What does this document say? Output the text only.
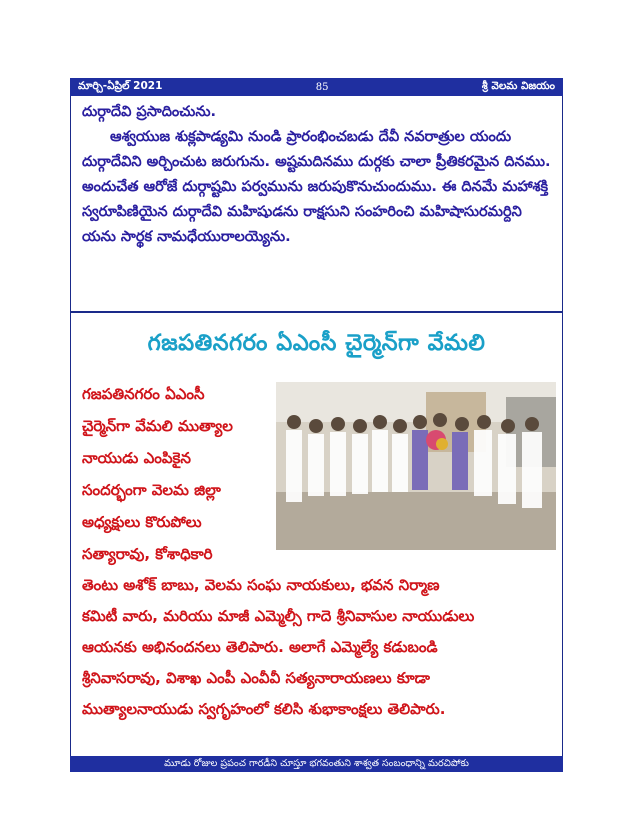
మార్చి-ఏప్రిల్ 2021	85	శ్రీ వెలమ విజయం

దుర్గాదేవి ప్రసాదించును.

ఆశ్వయుజ శుక్లపాడ్యమి నుండి ప్రారంభించబడు దేవీ నవరాత్రుల యందు దుర్గాదేవిని అర్చించుట జరుగును. అష్టమదినము దుర్గకు చాలా ప్రీతికరమైన దినము. అందుచేత ఆరోజే దుర్గాష్టమి పర్వమును జరుపుకొనుచుందుము. ఈ దినమే మహాశక్తి స్వరూపిణియైన దుర్గాదేవి మహిషుడను రాక్షసుని సంహరించి మహిషాసురమర్దిని యను సార్థక నామధేయురాలయ్యెను.

గజపతినగరం ఏఎంసీ చైర్మెన్‌గా వేమలి
గజపతినగరం ఏఎంసీ
చైర్మెన్‌గా వేమలి ముత్యాల
నాయుడు ఎంపికైన
సందర్భంగా వెలమ జిల్లా
అధ్యక్షులు కొరుపోలు
సత్యారావు, కోశాధికారి
తెంటు అశోక్ బాబు, వెలమ సంఘ నాయకులు, భవన నిర్మాణ
కమిటీ వారు, మరియు మాజీ ఎమ్మెల్సీ గాదె శ్రీనివాసుల నాయుడులు
ఆయనకు అభినందనలు తెలిపారు. అలాగే ఎమ్మెల్యే కడుబండి
శ్రీనివాసరావు, విశాఖ ఎంపీ ఎంవీవీ సత్యనారాయణలు కూడా
ముత్యాలనాయుడు స్వగృహంలో కలిసి శుభాకాంక్షలు తెలిపారు.
మూడు రోజుల ప్రపంచ గారడీని చూస్తూ భగవంతుని శాశ్వత సంబంధాన్ని మరచిపోకు
